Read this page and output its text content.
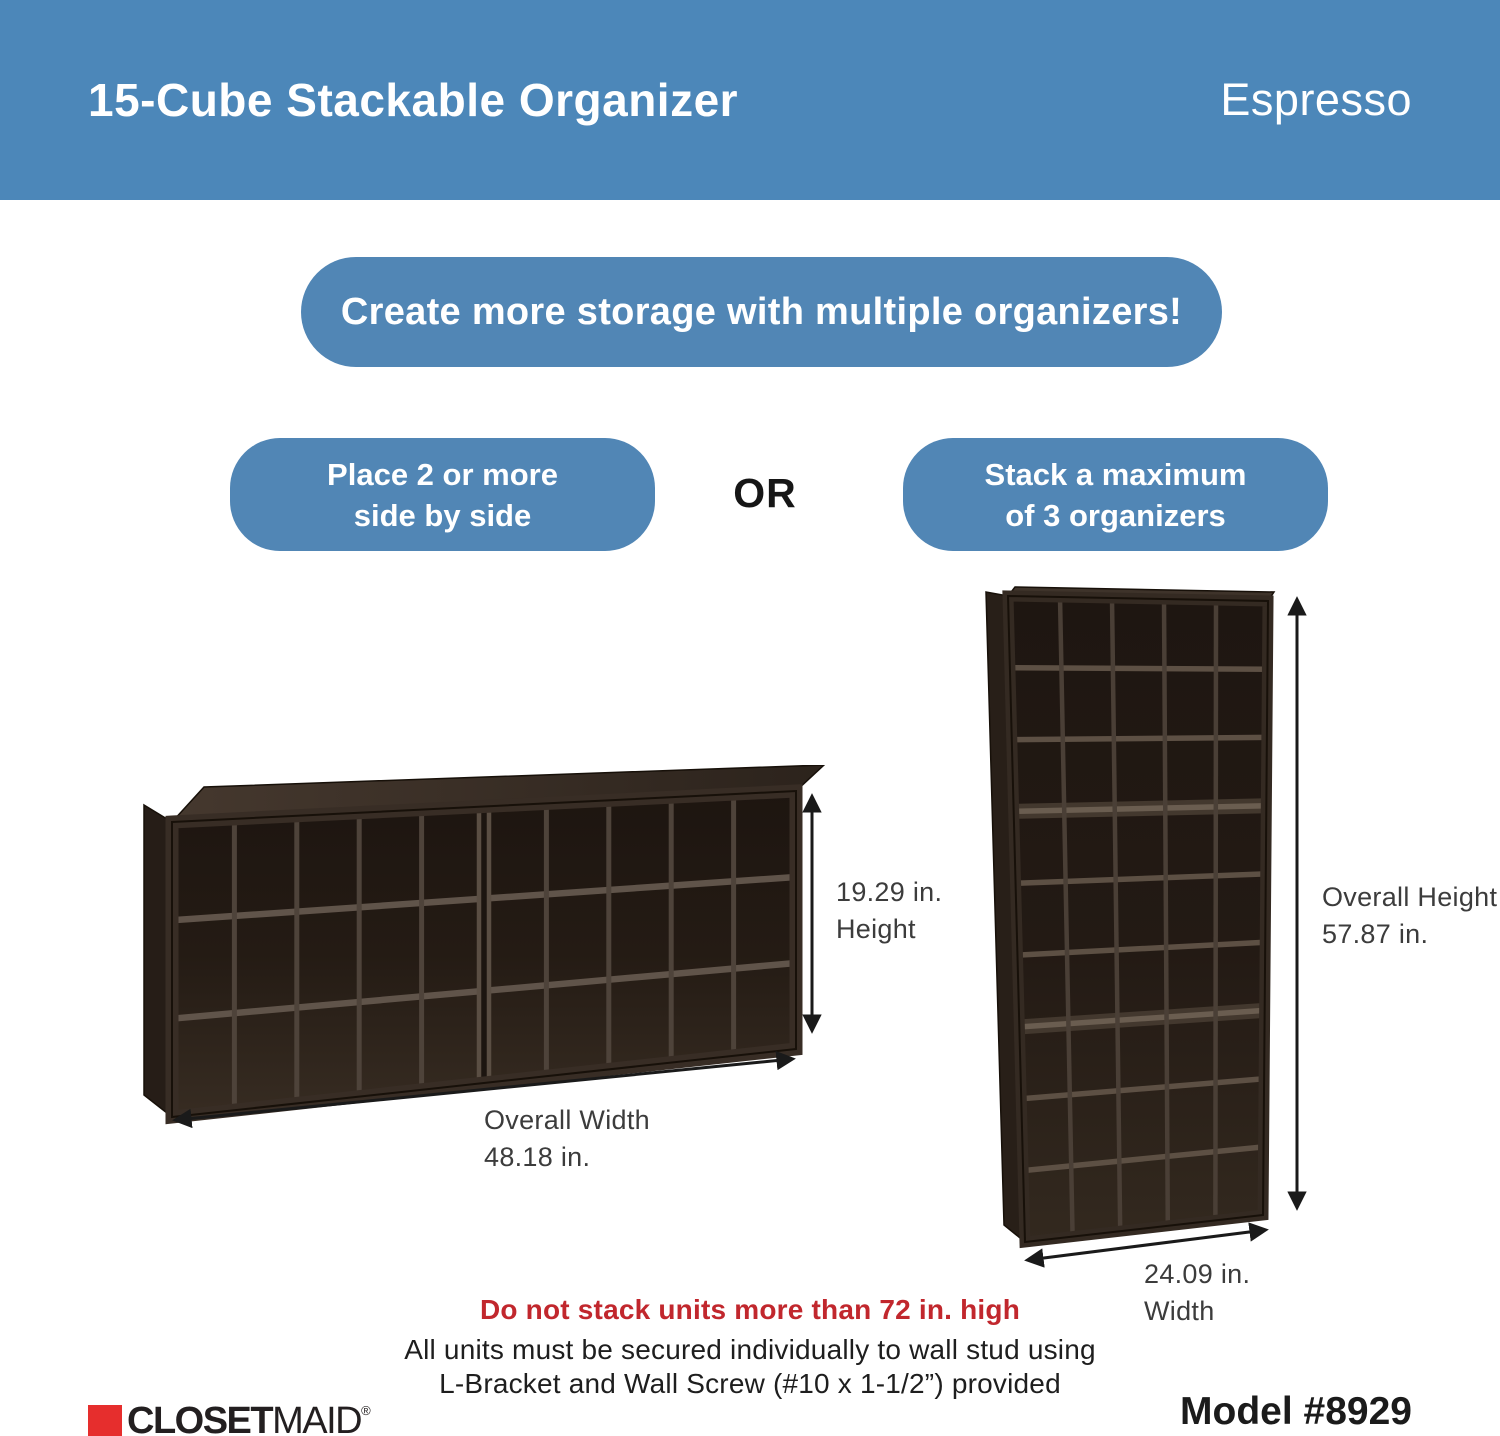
15-Cube Stackable Organizer	Espresso
Create more storage with multiple organizers!
Place 2 or more
side by side	OR	Stack a maximum
of 3 organizers
19.29 in.
Height
Overall Width
48.18 in.
Overall Height
57.87 in.
24.09 in.
Width
Do not stack units more than 72 in. high
All units must be secured individually to wall stud using
L-Bracket and Wall Screw (#10 x 1-1/2”) provided
CLOSETMAID®	Model #8929
